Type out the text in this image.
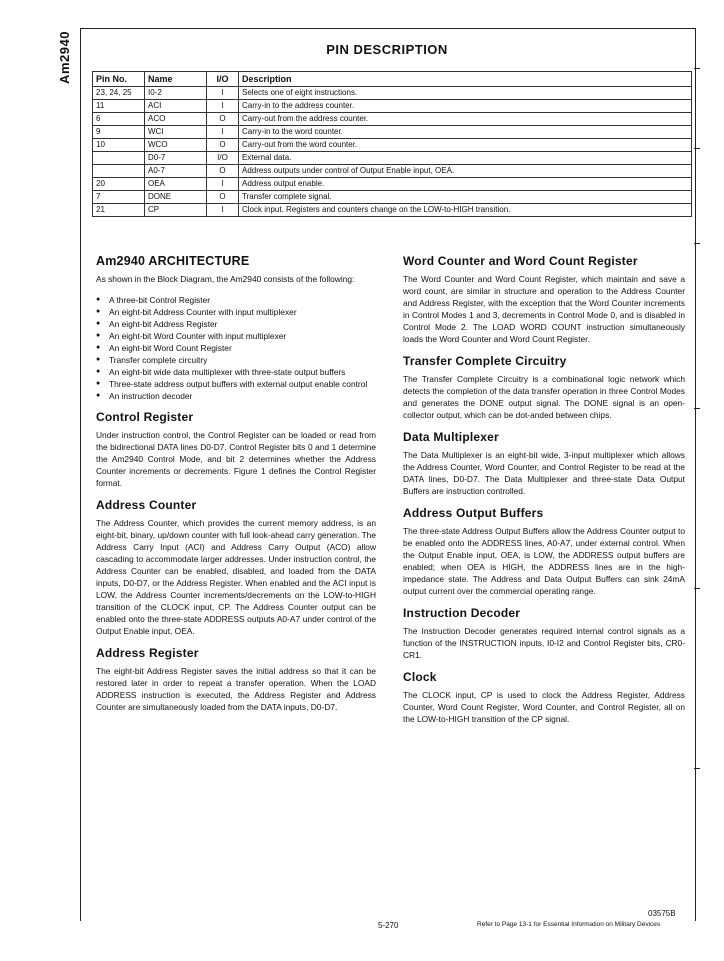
Am2940	PIN DESCRIPTION
Pin No.	Name	I/O	Description
23, 24, 25	I0-2	I	Selects one of eight instructions.
11	ACI	I	Carry-in to the address counter.
6	ACO	O	Carry-out from the address counter.
9	WCI	I	Carry-in to the word counter.
10	WCO	O	Carry-out from the word counter.
	D0-7	I/O	External data.
	A0-7	O	Address outputs under control of Output Enable input, OEA.
20	OEA	I	Address output enable.
7	DONE	O	Transfer complete signal.
21	CP	I	Clock input. Registers and counters change on the LOW-to-HIGH transition.
Am2940 ARCHITECTURE

As shown in the Block Diagram, the Am2940 consists of the following:

● A three-bit Control Register
● An eight-bit Address Counter with input multiplexer
● An eight-bit Address Register
● An eight-bit Word Counter with input multiplexer
● An eight-bit Word Count Register
● Transfer complete circuitry
● An eight-bit wide data multiplexer with three-state output buffers
● Three-state address output buffers with external output enable control
● An instruction decoder
Control Register

Under instruction control, the Control Register can be loaded or read from the bidirectional DATA lines D0-D7. Control Register bits 0 and 1 determine the Am2940 Control Mode, and bit 2 determines whether the Address Counter increments or decrements. Figure 1 defines the Control Register format.

Address Counter

The Address Counter, which provides the current memory address, is an eight-bit, binary, up/down counter with full look-ahead carry generation. The Address Carry Input (ACI) and Address Carry Output (ACO) allow cascading to accommodate larger addresses. Under instruction control, the Address Counter can be enabled, disabled, and loaded from the DATA inputs, D0-D7, or the Address Register. When enabled and the ACI input is LOW, the Address Counter increments/decrements on the LOW-to-HIGH transition of the CLOCK input, CP. The Address Counter output can be enabled onto the three-state ADDRESS outputs A0-A7 under control of the Output Enable input, OEA.

Address Register

The eight-bit Address Register saves the initial address so that it can be restored later in order to repeat a transfer operation. When the LOAD ADDRESS instruction is executed, the Address Register and Address Counter are simultaneously loaded from the DATA inputs, D0-D7.

Word Counter and Word Count Register

The Word Counter and Word Count Register, which maintain and save a word count, are similar in structure and operation to the Address Counter and Address Register, with the exception that the Word Counter increments in Control Modes 1 and 3, decrements in Control Mode 0, and is disabled in Control Mode 2. The LOAD WORD COUNT instruction simultaneously loads the Word Counter and Word Count Register.

Transfer Complete Circuitry

The Transfer Complete Circuitry is a combinational logic network which detects the completion of the data transfer operation in three Control Modes and generates the DONE output signal. The DONE signal is an open-collector output, which can be dot-anded between chips.

Data Multiplexer

The Data Multiplexer is an eight-bit wide, 3-input multiplexer which allows the Address Counter, Word Counter, and Control Register to be read at the DATA lines, D0-D7. The Data Multiplexer and three-state Data Output Buffers are instruction controlled.

Address Output Buffers

The three-state Address Output Buffers allow the Address Counter output to be enabled onto the ADDRESS lines, A0-A7, under external control. When the Output Enable input, OEA, is LOW, the ADDRESS output buffers are enabled; when OEA is HIGH, the ADDRESS lines are in the high-impedance state. The Address and Data Output Buffers can sink 24mA output current over the commercial operating range.

Instruction Decoder

The Instruction Decoder generates required internal control signals as a function of the INSTRUCTION inputs, I0-I2 and Control Register bits, CR0-CR1.

Clock

The CLOCK input, CP is used to clock the Address Register, Address Counter, Word Count Register, Word Counter, and Control Register, all on the LOW-to-HIGH transition of the CP signal.

03575B
5-270	Refer to Page 13-1 for Essential Information on Military Devices
